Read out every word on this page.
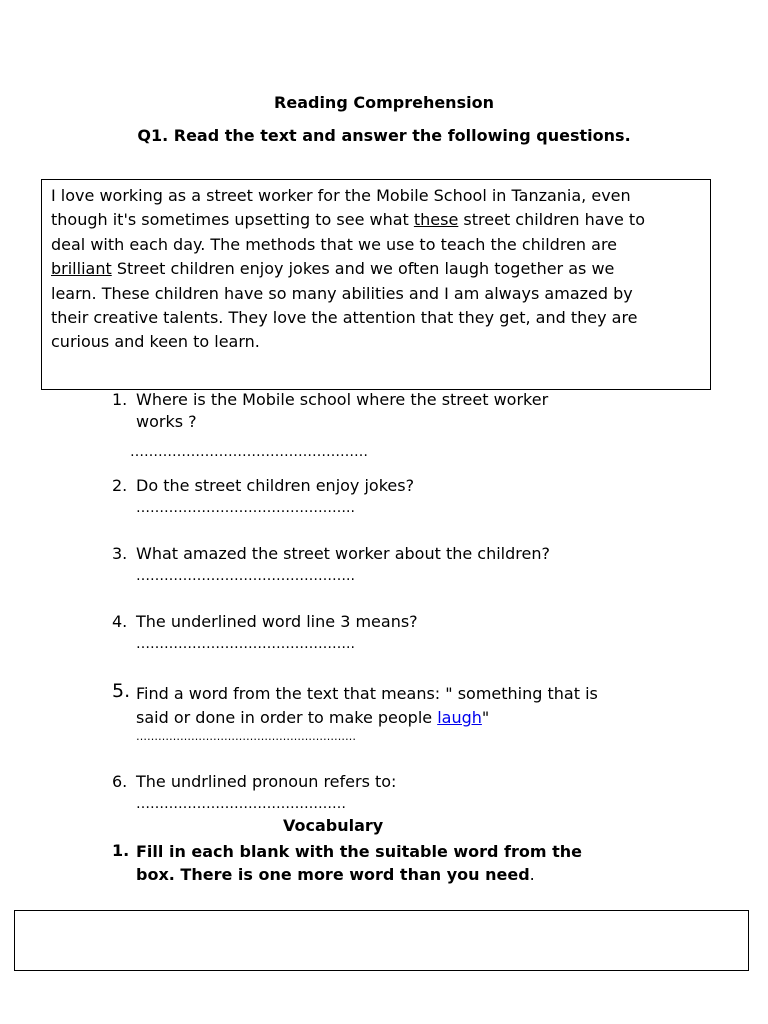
Reading Comprehension
Q1. Read the text and answer the following questions.
I love working as a street worker for the Mobile School in Tanzania, even
though it's sometimes upsetting to see what these street children have to
deal with each day. The methods that we use to teach the children are
brilliant Street children enjoy jokes and we often laugh together as we
learn. These children have so many abilities and I am always amazed by
their creative talents. They love the attention that they get, and they are
curious and keen to learn.
1. Where is the Mobile school where the street worker
works ?
……………………………………………
2. Do the street children enjoy jokes?
………………………………………..
3. What amazed the street worker about the children?
………………………………………..
4. The underlined word line 3 means?
………………………………………..
5. Find a word from the text that means: " something that is
said or done in order to make people laugh"
……………………………………………………
6. The undrlined pronoun refers to:
………………………………………
Vocabulary
1. Fill in each blank with the suitable word from the
box. There is one more word than you need.
